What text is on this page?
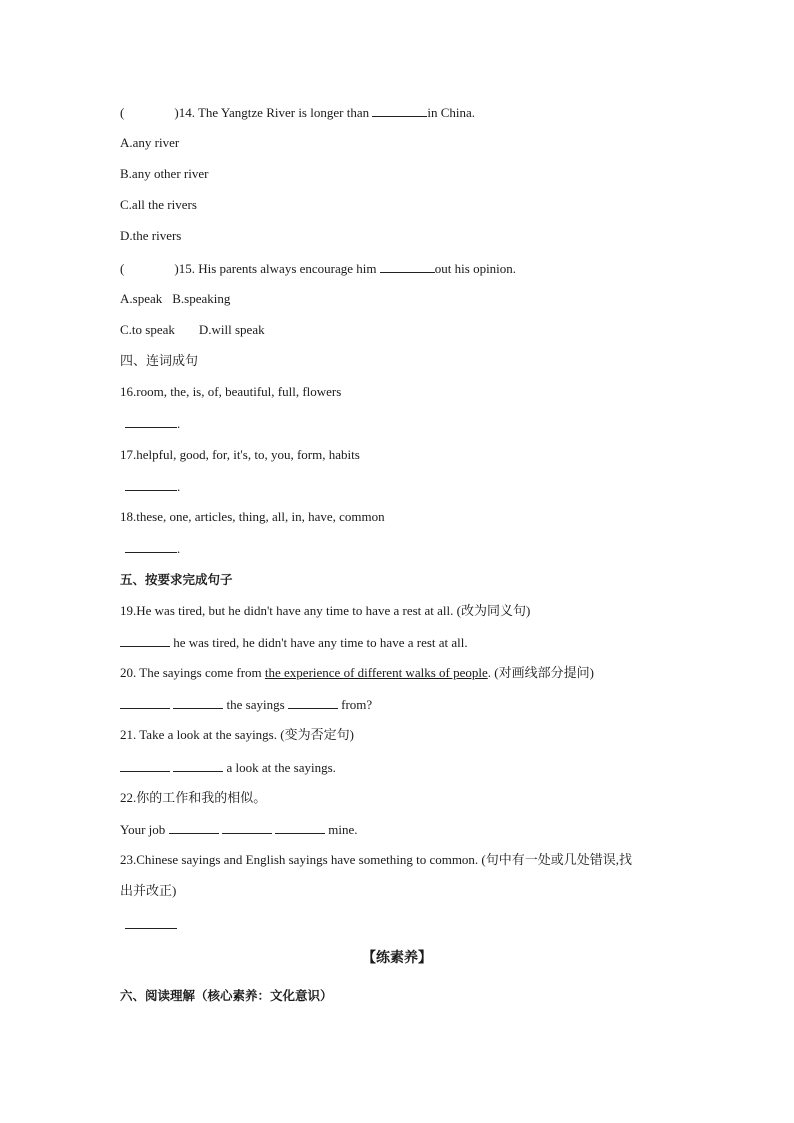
(	)14. The Yangtze River is longer than	in China.
A.any river
B.any other river
C.all the rivers
D.the rivers
(	)15. His parents always encourage him	out his opinion.
A.speak B.speaking
C.to speak D.will speak
四、连词成句
16.room, the, is, of, beautiful, full, flowers
.
17.helpful, good, for, it's, to, you, form, habits
.
18.these, one, articles, thing, all, in, have, common
.
五、按要求完成句子
19.He was tired, but he didn't have any time to have a rest at all. (改为同义句)
he was tired, he didn't have any time to have a rest at all.
20. The sayings come from the experience of different walks of people. (对画线部分提问)
the sayings	from?
21. Take a look at the sayings. (变为否定句)
a look at the sayings.
22.你的工作和我的相似。
Your job	mine.
23.Chinese sayings and English sayings have something to common. (句中有一处或几处错误,找
出并改正)
【练素养】
六、阅读理解（核心素养：文化意识）
